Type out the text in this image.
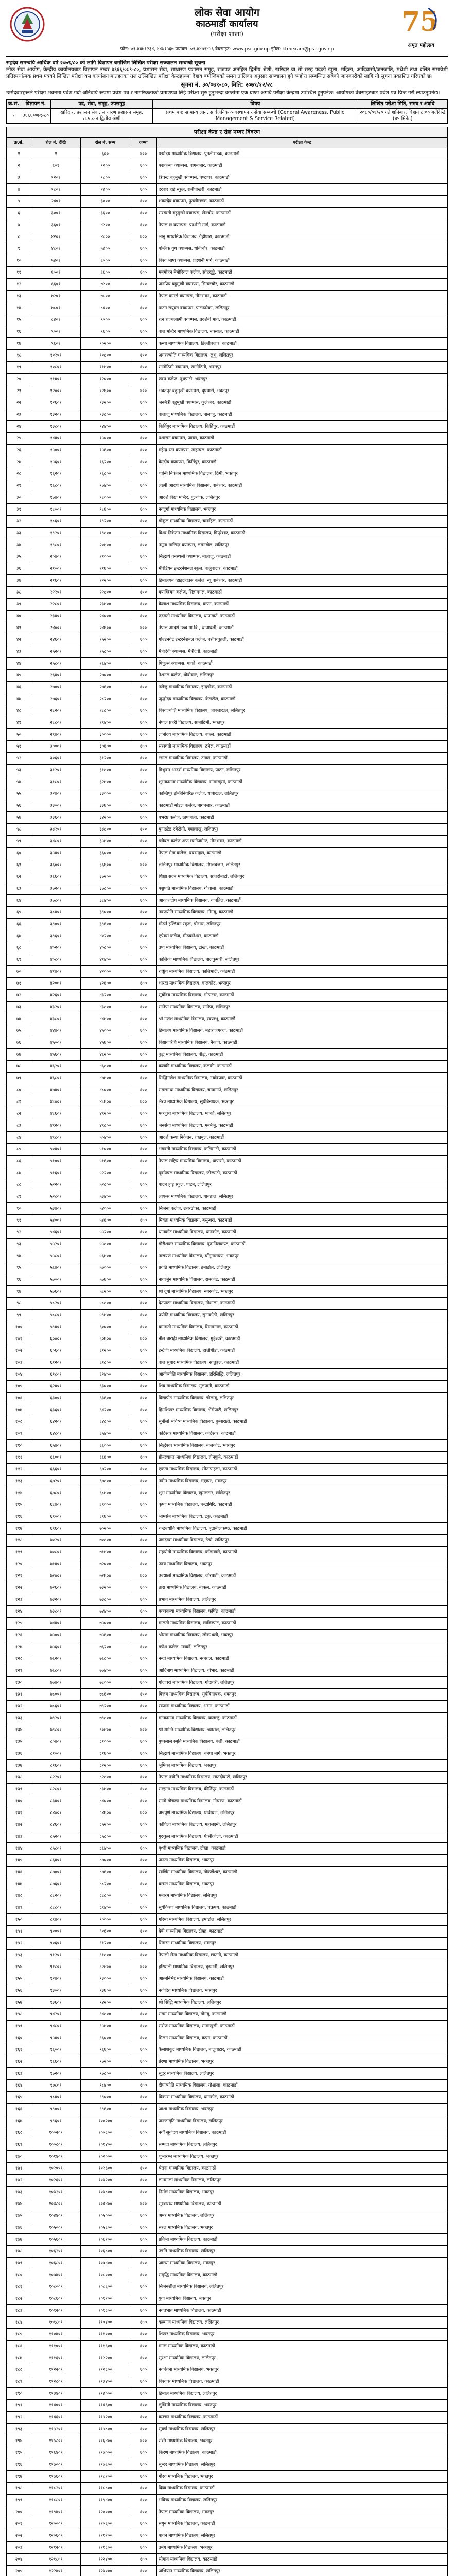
लोक सेवा आयोग
काठमाडौं कार्यालय
(परीक्षा शाखा)	75
अमृत महोत्सव
फोन: ०१-४४७१२३४, ४४७१५६७ फ्याक्स: ०१-४४७१४५६ वेबसाइट: www.psc.gov.np इमेल: ktmexam@psc.gov.np
सहदेव समन्वयि आर्थिक वर्ष २०७९/८० को लागि विज्ञापन बमोजिम लिखित परीक्षा सञ्चालन सम्बन्धी सूचना
लोक सेवा आयोग, केन्द्रीय कार्यालयबाट विज्ञापन नम्बर ३६६६/०७९-८०, प्रशासन सेवा, साधारण प्रशासन समूह, राजपत्र अनङ्कित द्वितीय श्रेणी, खरिदार वा सो सरह पदको खुला, महिला, आदिवासी/जनजाति, मधेशी तथा दलित समावेशी प्रतिस्पर्धात्मक प्रथम पत्रको लिखित परीक्षा यस कार्यालय मातहतका तल उल्लिखित परीक्षा केन्द्रहरूमा देहाय बमोजिमको समय तालिका अनुसार सञ्चालन हुने व्यहोरा सम्बन्धित सबैको जानकारीको लागि यो सूचना प्रकाशित गरिएको छ।
सूचना नं. ३०/०७९-८०, मिति: २०७९/१२/२८
उम्मेदवारहरूले परीक्षा भवनमा प्रवेश गर्दा अनिवार्य रूपमा प्रवेश पत्र र नागरिकताको प्रमाणपत्र लिई परीक्षा सुरु हुनुभन्दा कम्तीमा एक घण्टा अगावै परीक्षा केन्द्रमा उपस्थित हुनुपर्नेछ। आयोगको वेबसाइटबाट प्रवेश पत्र प्रिन्ट गरी ल्याउनुपर्नेछ।
क्र.सं.	विज्ञापन नं.	पद, सेवा, समूह, उपसमूह	विषय	लिखित परीक्षा मिति, समय र अवधि
१	३६६६/०७९-८०	खरिदार, प्रशासन सेवा, साधारण प्रशासन समूह, रा.प.अनं.द्वितीय श्रेणी	प्रथम पत्र: सामान्य ज्ञान, सार्वजनिक व्यवस्थापन र सेवा सम्बन्धी (General Awareness, Public Management & Service Related)	२०८०/०१/२० गते शनिबार, बिहान ८:०० बजेदेखि (४५ मिनेट)
परीक्षा केन्द्र र रोल नम्बर विवरण
क्र.सं.	रोल नं. देखि	रोल नं. सम्म	जम्मा	परीक्षा केन्द्र
१	१	६००	६००	पद्मोदय माध्यमिक विद्यालय, पुतलीसडक, काठमाडौं
२	६०१	१२००	६००	पद्मकन्या क्याम्पस, बागबजार, काठमाडौं
३	१२०१	१८००	६००	त्रिचन्द्र बहुमुखी क्याम्पस, घण्टाघर, काठमाडौं
४	१८०१	२४००	६००	दरबार हाई स्कुल, रानीपोखरी, काठमाडौं
५	२४०१	३०००	६००	शंकरदेव क्याम्पस, पुतलीसडक, काठमाडौं
६	३००१	३६००	६००	सरस्वती बहुमुखी क्याम्पस, लैनचौर, काठमाडौं
७	३६०१	४२००	६००	नेपाल ल क्याम्पस, प्रदर्शनी मार्ग, काठमाडौं
८	४२०१	४८००	६००	भानु माध्यमिक विद्यालय, गैह्रीधारा, काठमाडौं
९	४८०१	५४००	६००	पब्लिक युथ क्याम्पस, धोबीचौर, काठमाडौं
१०	५४०१	६०००	६००	विश्व भाषा क्याम्पस, प्रदर्शनी मार्ग, काठमाडौं
११	६००१	६६००	६००	मनमोहन मेमोरियल कलेज, सोह्रखुट्टे, काठमाडौं
१२	६६०१	७२००	६००	जनप्रिय बहुमुखी क्याम्पस, सिमलचौर, काठमाडौं
१३	७२०१	७८००	६००	नेपाल कमर्स क्याम्पस, मीनभवन, काठमाडौं
१४	७८०१	८४००	६००	पाटन संयुक्त क्याम्पस, पाटनढोका, ललितपुर
१५	८४०१	९०००	६००	रत्न राज्यलक्ष्मी क्याम्पस, प्रदर्शनी मार्ग, काठमाडौं
१६	९००१	९६००	६००	बाल मन्दिर माध्यमिक विद्यालय, नक्साल, काठमाडौं
१७	९६०१	१०२००	६००	कन्या माध्यमिक विद्यालय, डिल्लीबजार, काठमाडौं
१८	१०२०१	१०८००	६००	अमरज्योति माध्यमिक विद्यालय, लुभु, ललितपुर
१९	१०८०१	११४००	६००	सानोठिमी क्याम्पस, सानोठिमी, भक्तपुर
२०	११४०१	१२०००	६००	ख्वप कलेज, दूधपाटी, भक्तपुर
२१	१२००१	१२६००	६००	भक्तपुर बहुमुखी क्याम्पस, दूधपाटी, भक्तपुर
२२	१२६०१	१३२००	६००	जनमैत्री बहुमुखी क्याम्पस, कुलेश्वर, काठमाडौं
२३	१३२०१	१३८००	६००	बालाजु माध्यमिक विद्यालय, बालाजु, काठमाडौं
२४	१३८०१	१४४००	६००	किर्तिपुर माध्यमिक विद्यालय, किर्तिपुर, काठमाडौं
२५	१४४०१	१५०००	६००	प्रशासन क्याम्पस, जमल, काठमाडौं
२६	१५००१	१५६००	६००	महेन्द्र रत्न क्याम्पस, ताहाचल, काठमाडौं
२७	१५६०१	१६२००	६००	केन्द्रीय क्याम्पस, किर्तिपुर, काठमाडौं
२८	१६२०१	१६८००	६००	शान्ति निकेतन माध्यमिक विद्यालय, ठिमी, भक्तपुर
२९	१६८०१	१७४००	६००	लक्ष्मी आदर्श माध्यमिक विद्यालय, बानेश्वर, काठमाडौं
३०	१७४०१	१८०००	६००	आदर्श विद्या मन्दिर, पुल्चोक, ललितपुर
३१	१८००१	१८६००	६००	नवदुर्गा माध्यमिक विद्यालय, भक्तपुर
३२	१८६०१	१९२००	६००	गोकुल माध्यमिक विद्यालय, चाबहिल, काठमाडौं
३३	१९२०१	१९८००	६००	विश्व निकेतन माध्यमिक विद्यालय, त्रिपुरेश्वर, काठमाडौं
३४	१९८०१	२०४००	६००	नमूना माछिन्द्र क्याम्पस, लगनखेल, ललितपुर
३५	२०४०१	२१०००	६००	सिद्धार्थ वनस्थली क्याम्पस, बालाजु, काठमाडौं
३६	२१००१	२१६००	६००	मेरिडियन इन्टरनेशनल स्कुल, बालुवाटार, काठमाडौं
३७	२१६०१	२२२००	६००	हिमालयन व्हाइटहाउस कलेज, न्यू बानेश्वर, काठमाडौं
३८	२२२०१	२२८००	६००	क्याम्ब्रियन कलेज, सिन्नामंगल, काठमाडौं
३९	२२८०१	२३४००	६००	कैलाश माध्यमिक विद्यालय, कपन, काठमाडौं
४०	२३४०१	२४०००	६००	रुद्रमती माध्यमिक विद्यालय, थापागाउँ, काठमाडौं
४१	२४००१	२४६००	६००	नेपाल आदर्श उच्च मा.वि., थापाथली, काठमाडौं
४२	२४६०१	२५२००	६००	गोल्डेनगेट इन्टरनेशनल कलेज, बत्तीसपुतली, काठमाडौं
४३	२५२०१	२५८००	६००	मैत्रीदेवी क्याम्पस, मैत्रीदेवी, काठमाडौं
४४	२५८०१	२६४००	६००	पिपुल्स क्याम्पस, पाको, काठमाडौं
४५	२६४०१	२७०००	६००	नेशनल कलेज, धोबीघाट, ललितपुर
४६	२७००१	२७६००	६००	तलेजु माध्यमिक विद्यालय, इन्द्रचोक, काठमाडौं
४७	२७६०१	२८२००	६००	जुद्धोदय माध्यमिक विद्यालय, केलटोल, काठमाडौं
४८	२८२०१	२८८००	६००	विश्वज्योति माध्यमिक विद्यालय, जावलाखेल, ललितपुर
४९	२८८०१	२९४००	६००	नेपाल प्रहरी विद्यालय, सानोठिमी, भक्तपुर
५०	२९४०१	३००००	६००	ज्ञानोदय माध्यमिक विद्यालय, बफल, काठमाडौं
५१	३०००१	३०६००	६००	सरस्वती माध्यमिक विद्यालय, ठमेल, काठमाडौं
५२	३०६०१	३१२००	६००	टंगाल माध्यमिक विद्यालय, टंगाल, काठमाडौं
५३	३१२०१	३१८००	६००	त्रिभुवन आदर्श माध्यमिक विद्यालय, पाटन, ललितपुर
५४	३१८०१	३२४००	६००	शुभकामना माध्यमिक विद्यालय, सामाखुसी, काठमाडौं
५५	३२४०१	३३०००	६००	कान्तिपुर इन्जिनियरिङ कलेज, धापाखेल, ललितपुर
५६	३३००१	३३६००	६००	काठमाडौं मोडल कलेज, बागबजार, काठमाडौं
५७	३३६०१	३४२००	६००	एभरेष्ट कलेज, ठापाथली, काठमाडौं
५८	३४२०१	३४८००	६००	युनाइटेड एकेडेमी, क्वालाखु, ललितपुर
५९	३४८०१	३५४००	६००	ग्लोबल कलेज अफ म्यानेजमेन्ट, मीनभवन, काठमाडौं
६०	३५४०१	३६०००	६००	नेपाल मेगा कलेज, बबरमहल, काठमाडौं
६१	३६००१	३६६००	६००	ललितपुर माध्यमिक विद्यालय, मंगलबजार, ललितपुर
६२	३६६०१	३७२००	६००	शिक्षा सदन माध्यमिक विद्यालय, सातदोबाटो, ललितपुर
६३	३७२०१	३७८००	६००	पशुपति माध्यमिक विद्यालय, गौशाला, काठमाडौं
६४	३७८०१	३८४००	६००	आकाशदीप माध्यमिक विद्यालय, चाबहिल, काठमाडौं
६५	३८४०१	३९०००	६००	नवज्योति माध्यमिक विद्यालय, गोंगबु, काठमाडौं
६६	३९००१	३९६००	६००	मोडर्न इण्डियन स्कुल, चोभार, ललितपुर
६७	३९६०१	४०२००	६००	एपेक्स कलेज, मीडबानेश्वर, काठमाडौं
६८	४०२०१	४०८००	६००	उषा माध्यमिक विद्यालय, टोखा, काठमाडौं
६९	४०८०१	४१४००	६००	कालिका माध्यमिक विद्यालय, बालकुमारी, ललितपुर
७०	४१४०१	४२०००	६००	राष्ट्रिय माध्यमिक विद्यालय, कालिमाटी, काठमाडौं
७१	४२००१	४२६००	६००	शारदा माध्यमिक विद्यालय, बालकोट, भक्तपुर
७२	४२६०१	४३२००	६००	सूर्योदय माध्यमिक विद्यालय, गोठाटार, काठमाडौं
७३	४३२०१	४३८००	६००	सानेपा माध्यमिक विद्यालय, सानेपा, ललितपुर
७४	४३८०१	४४४००	६००	श्री गणेश माध्यमिक विद्यालय, स्वयम्भू, काठमाडौं
७५	४४४०१	४५०००	६००	हिमालय माध्यमिक विद्यालय, महाराजगञ्ज, काठमाडौं
७६	४५००१	४५६००	६००	विद्यावारिधि माध्यमिक विद्यालय, नैकाप, काठमाडौं
७७	४५६०१	४६२००	६००	बुद्ध माध्यमिक विद्यालय, बौद्ध, काठमाडौं
७८	४६२०१	४६८००	६००	कलंकी माध्यमिक विद्यालय, कलंकी, काठमाडौं
७९	४६८०१	४७४००	६००	सिद्धिगणेश माध्यमिक विद्यालय, नयाँबजार, काठमाडौं
८०	४७४०१	४८०००	६००	सगरमाथा माध्यमिक विद्यालय, चापागाउँ, ललितपुर
८१	४८००१	४८६००	६००	भैरव माध्यमिक विद्यालय, सूर्यबिनायक, भक्तपुर
८२	४८६०१	४९२००	६००	मञ्जुश्री माध्यमिक विद्यालय, ग्वार्को, ललितपुर
८३	४९२०१	४९८००	६००	जनसेवा माध्यमिक विद्यालय, मनमैजु, काठमाडौं
८४	४९८०१	५०४००	६००	आदर्श कन्या निकेतन, शंखमूल, काठमाडौं
८५	५०४०१	५१०००	६००	भगवती माध्यमिक विद्यालय, कलिमाटी, काठमाडौं
८६	५१००१	५१६००	६००	नेपाल राष्ट्रिय माध्यमिक विद्यालय, धापासी, काठमाडौं
८७	५१६०१	५२२००	६००	पूर्वाञ्चल माध्यमिक विद्यालय, जोरपाटी, काठमाडौं
८८	५२२०१	५२८००	६००	पाटन हाई स्कुल, पाटन, ललितपुर
८९	५२८०१	५३४००	६००	लायन्स माध्यमिक विद्यालय, गाबहाल, ललितपुर
९०	५३४०१	५४०००	६००	सिर्जना कलेज, उत्तरढोका, काठमाडौं
९१	५४००१	५४६००	६००	मित्रता माध्यमिक विद्यालय, बसुन्धरा, काठमाडौं
९२	५४६०१	५५२००	६००	थानकोट माध्यमिक विद्यालय, थानकोट, काठमाडौं
९३	५५२०१	५५८००	६००	गौरीशंकर माध्यमिक विद्यालय, बुढानिलकण्ठ, काठमाडौं
९४	५५८०१	५६४००	६००	नारायण माध्यमिक विद्यालय, चाँगुनारायण, भक्तपुर
९५	५६४०१	५७०००	६००	प्रगति माध्यमिक विद्यालय, इमाडोल, ललितपुर
९६	५७००१	५७६००	६००	नागार्जुन माध्यमिक विद्यालय, रामकोट, काठमाडौं
९७	५७६०१	५८२००	६००	श्री दुर्गा माध्यमिक विद्यालय, नगरकोट, भक्तपुर
९८	५८२०१	५८८००	६००	देउपाटन माध्यमिक विद्यालय, गौशाला, काठमाडौं
९९	५८८०१	५९४००	६००	ज्योति माध्यमिक विद्यालय, सुनाकोठी, ललितपुर
१००	५९४०१	६००००	६००	बागमती माध्यमिक विद्यालय, सिनामंगल, काठमाडौं
१०१	६०००१	६०६००	६००	नील बाराही माध्यमिक विद्यालय, गुहेश्वरी, काठमाडौं
१०२	६०६०१	६१२००	६००	इन्द्रेणी माध्यमिक विद्यालय, हात्तीगौंडा, काठमाडौं
१०३	६१२०१	६१८००	६००	बाल सुधार माध्यमिक विद्यालय, सातुङ्गल, काठमाडौं
१०४	६१८०१	६२४००	६००	आर्यज्योति माध्यमिक विद्यालय, हरिसिद्धि, ललितपुर
१०५	६२४०१	६३०००	६००	शिव माध्यमिक विद्यालय, मुलपानी, काठमाडौं
१०६	६३००१	६३६००	६००	विद्यापीठ माध्यमिक विद्यालय, चोलाबु, ललितपुर
१०७	६३६०१	६४२००	६००	हिमशिखर माध्यमिक विद्यालय, भैंसेपाटी, ललितपुर
१०८	६४२०१	६४८००	६००	सुनौलो भविष्य माध्यमिक विद्यालय, धुम्बाराही, काठमाडौं
१०९	६४८०१	६५४००	६००	कोटेश्वर माध्यमिक विद्यालय, कोटेश्वर, काठमाडौं
११०	६५४०१	६६०००	६००	सिद्धेश्वर माध्यमिक विद्यालय, बालकोट, भक्तपुर
१११	६६००१	६६६००	६००	ग्रीनल्याण्ड माध्यमिक विद्यालय, तीनकुने, काठमाडौं
११२	६६६०१	६७२००	६००	एकता माध्यमिक विद्यालय, सीतापाइला, काठमाडौं
११३	६७२०१	६७८००	६००	नवीन माध्यमिक विद्यालय, गठ्ठाघर, भक्तपुर
११४	६७८०१	६८४००	६००	शुभ माध्यमिक विद्यालय, खुमलटार, ललितपुर
११५	६८४०१	६९०००	६००	कृष्ण माध्यमिक विद्यालय, चन्द्रागिरि, काठमाडौं
११६	६९००१	६९६००	६००	भीमसेन माध्यमिक विद्यालय, टेकु, काठमाडौं
११७	६९६०१	७०२००	६००	चन्द्रज्योति माध्यमिक विद्यालय, बूढानीलकण्ठ, काठमाडौं
११८	७०२०१	७०८००	६००	जगदम्बा माध्यमिक विद्यालय, ठेचो, ललितपुर
११९	७०८०१	७१४००	६००	सहयोगी माध्यमिक विद्यालय, काँडाघारी, काठमाडौं
१२०	७१४०१	७२०००	६००	उदय माध्यमिक विद्यालय, भक्तपुर
१२१	७२००१	७२६००	६००	उज्यालो माध्यमिक विद्यालय, जोरपाटी, काठमाडौं
१२२	७२६०१	७३२००	६००	तारा माध्यमिक विद्यालय, बाफल, काठमाडौं
१२३	७३२०१	७३८००	६००	प्रभात माध्यमिक विद्यालय, ललितपुर
१२४	७३८०१	७४४००	६००	पञ्चकन्या माध्यमिक विद्यालय, फर्पिङ, काठमाडौं
१२५	७४४०१	७५०००	६००	मालती माध्यमिक विद्यालय, लाजिम्पाट, काठमाडौं
१२६	७५००१	७५६००	६००	श्रीराम माध्यमिक विद्यालय, लोकन्थली, भक्तपुर
१२७	७५६०१	७६२००	६००	गणेश कलेज, ग्वार्को, ललितपुर
१२८	७६२०१	७६८००	६००	नन्दी माध्यमिक विद्यालय, नक्साल, काठमाडौं
१२९	७६८०१	७७४००	६००	आदिनाथ माध्यमिक विद्यालय, चोभार, काठमाडौं
१३०	७७४०१	७८०००	६००	गोदावरी माध्यमिक विद्यालय, गोदावरी, ललितपुर
१३१	७८००१	७८६००	६००	विजय माध्यमिक विद्यालय, सूर्यबिनायक, भक्तपुर
१३२	७८६०१	७९२००	६००	रञ्जना माध्यमिक विद्यालय, असन, काठमाडौं
१३३	७९२०१	७९८००	६००	मनकामना माध्यमिक विद्यालय, बालाजु, काठमाडौं
१३४	७९८०१	८०४००	६००	श्री शान्ति माध्यमिक विद्यालय, च्यासल, ललितपुर
१३५	८०४०१	८१०००	६००	पुष्पलाल स्मृति माध्यमिक विद्यालय, थली, काठमाडौं
१३६	८१००१	८१६००	६००	सिद्धार्थ माध्यमिक विद्यालय, बनेपा मार्ग, भक्तपुर
१३७	८१६०१	८२२००	६००	भूमिका माध्यमिक विद्यालय, भक्तपुर
१३८	८२२०१	८२८००	६००	नेपाल ज्योति माध्यमिक विद्यालय, सातदोबाटो, ललितपुर
१३९	८२८०१	८३४००	६००	सम्झना माध्यमिक विद्यालय, कीर्तिपुर, काठमाडौं
१४०	८३४०१	८४०००	६००	सानो गौचरण माध्यमिक विद्यालय, गौचरण, काठमाडौं
१४१	८४००१	८४६००	६००	अन्नपूर्ण माध्यमिक विद्यालय, धोबीघाट, ललितपुर
१४२	८४६०१	८५२००	६००	कोपिला माध्यमिक विद्यालय, महालक्ष्मी, ललितपुर
१४३	८५२०१	८५८००	६००	गुरुकुल माध्यमिक विद्यालय, पेप्सीकोला, काठमाडौं
१४४	८५८०१	८६४००	६००	पृथ्वी माध्यमिक विद्यालय, टोखा, काठमाडौं
१४५	८६४०१	८७०००	६००	जनता माध्यमिक विद्यालय, भक्तपुर
१४६	८७००१	८७६००	६००	स्वर्णिम माध्यमिक विद्यालय, गोकर्णेश्वर, काठमाडौं
१४७	८७६०१	८८२००	६००	वसन्त माध्यमिक विद्यालय, भक्तपुर
१४८	८८२०१	८८८००	६००	मनोरम माध्यमिक विद्यालय, ललितपुर
१४९	८८८०१	८९४००	६००	सुर्यकिरण माध्यमिक विद्यालय, चक्रपथ, काठमाडौं
१५०	८९४०१	९००००	६००	गरिमा माध्यमिक विद्यालय, इमाडोल, ललितपुर
१५१	९०००१	९०६००	६००	देवी माध्यमिक विद्यालय, टौदह, काठमाडौं
१५२	९०६०१	९१२००	६००	सिमरन माध्यमिक विद्यालय, भक्तपुर
१५३	९१२०१	९१८००	६००	नेपाली सेना माध्यमिक विद्यालय, छाउनी, काठमाडौं
१५४	९१८०१	९२४००	६००	हरियाली माध्यमिक विद्यालय, बुङमती, ललितपुर
१५५	९२४०१	९३०००	६००	आत्मनिर्भर माध्यमिक विद्यालय, काठमाडौं
१५६	९३००१	९३६००	६००	नवोदित माध्यमिक विद्यालय, भक्तपुर
१५७	९३६०१	९४२००	६००	श्री सिद्धि माध्यमिक विद्यालय, ललितपुर
१५८	९४२०१	९४८००	६००	संगम माध्यमिक विद्यालय, गोंगबु, काठमाडौं
१५९	९४८०१	९५४००	६००	सरोज माध्यमिक विद्यालय, सामाखुसी, काठमाडौं
१६०	९५४०१	९६०००	६००	मिलन माध्यमिक विद्यालय, कपन, काठमाडौं
१६१	९६००१	९६६००	६००	कैलाशकूट माध्यमिक विद्यालय, बालुवाटार, काठमाडौं
१६२	९६६०१	९७२००	६००	प्रेरणा माध्यमिक विद्यालय, भक्तपुर
१६३	९७२०१	९७८००	६००	सुदूर माध्यमिक विद्यालय, ललितपुर
१६४	९७८०१	९८४००	६००	दीपज्योति माध्यमिक विद्यालय, गौशाला, काठमाडौं
१६५	९८४०१	९९०००	६००	विकास माध्यमिक विद्यालय, थानकोट, काठमाडौं
१६६	९९००१	९९६००	६००	आशा माध्यमिक विद्यालय, भक्तपुर
१६७	९९६०१	१००२००	६००	जनजागृति माध्यमिक विद्यालय, ललितपुर
१६८	१००२०१	१००८००	६००	नयाँ सूर्योदय माध्यमिक विद्यालय, काठमाडौं
१६९	१००८०१	१०१४००	६००	सम्पदा माध्यमिक विद्यालय, ललितपुर
१७०	१०१४०१	१०२०००	६००	शुभारम्भ माध्यमिक विद्यालय, भक्तपुर
१७१	१०२००१	१०२६००	६००	चेतना माध्यमिक विद्यालय, काठमाडौं
१७२	१०२६०१	१०३२००	६००	ज्ञानमाला माध्यमिक विद्यालय, ललितपुर
१७३	१०३२०१	१०३८००	६००	निर्मल माध्यमिक विद्यालय, भक्तपुर
१७४	१०३८०१	१०४४००	६००	सुस्वास्थ्य माध्यमिक विद्यालय, काठमाडौं
१७५	१०४४०१	१०५०००	६००	अमर माध्यमिक विद्यालय, ललितपुर
१७६	१०५००१	१०५६००	६००	सरल माध्यमिक विद्यालय, भक्तपुर
१७७	१०५६०१	१०६२००	६००	प्रतिभा माध्यमिक विद्यालय, काठमाडौं
१७८	१०६२०१	१०६८००	६००	उन्नति माध्यमिक विद्यालय, ललितपुर
१७९	१०६८०१	१०७४००	६००	आस्था माध्यमिक विद्यालय, भक्तपुर
१८०	१०७४०१	१०८०००	६००	समृद्धि माध्यमिक विद्यालय, काठमाडौं
१८१	१०८००१	१०८६००	६००	सिर्जनशील माध्यमिक विद्यालय, ललितपुर
१८२	१०८६०१	१०९२००	६००	युवा माध्यमिक विद्यालय, भक्तपुर
१८३	१०९२०१	१०९८००	६००	नवप्रभात माध्यमिक विद्यालय, काठमाडौं
१८४	१०९८०१	११०४००	६००	कल्याण माध्यमिक विद्यालय, ललितपुर
१८५	११०४०१	१११०००	६००	शिखर माध्यमिक विद्यालय, भक्तपुर
१८६	१११००१	१११६००	६००	मंगल माध्यमिक विद्यालय, काठमाडौं
१८७	१११६०१	११२२००	६००	सुरक्षा माध्यमिक विद्यालय, ललितपुर
१८८	११२२०१	११२८००	६००	नवचेतना माध्यमिक विद्यालय, भक्तपुर
१८९	११२८०१	११३४००	६००	विश्वास माध्यमिक विद्यालय, काठमाडौं
१९०	११३४०१	११४०००	६००	हिमाल माध्यमिक विद्यालय, ललितपुर
१९१	११४००१	११४६००	६००	लुम्बिनी माध्यमिक विद्यालय, भक्तपुर
१९२	११४६०१	११५२००	६००	कञ्चन माध्यमिक विद्यालय, काठमाडौं
१९३	११५२०१	११५८००	६००	सुवर्ण माध्यमिक विद्यालय, ललितपुर
१९४	११५८०१	११६४००	६००	रश्मि माध्यमिक विद्यालय, भक्तपुर
१९५	११६४०१	११७०००	६००	किरण माध्यमिक विद्यालय, काठमाडौं
१९६	११७००१	११७६००	६००	सुन्दर माध्यमिक विद्यालय, ललितपुर
१९७	११७६०१	११८२००	६००	गौरव माध्यमिक विद्यालय, भक्तपुर
१९८	११८२०१	११८८००	६००	दिव्य माध्यमिक विद्यालय, काठमाडौं
१९९	११८८०१	११९४००	६००	भविष्य माध्यमिक विद्यालय, ललितपुर
२००	११९४०१	१२००००	६००	नेपाल माध्यमिक विद्यालय, भक्तपुर
२०१	१२०००१	१२०६००	६००	सगुन माध्यमिक विद्यालय, काठमाडौं
२०२	१२०६०१	१२१२००	६००	पावन माध्यमिक विद्यालय, ललितपुर
२०३	१२१२०१	१२१८००	६००	उमंग माध्यमिक विद्यालय, भक्तपुर
२०४	१२१८०१	१२२४००	६००	सौगात माध्यमिक विद्यालय, काठमाडौं
२०५	१२२४०१	१२३०००	६००	अभियान माध्यमिक विद्यालय, ललितपुर
